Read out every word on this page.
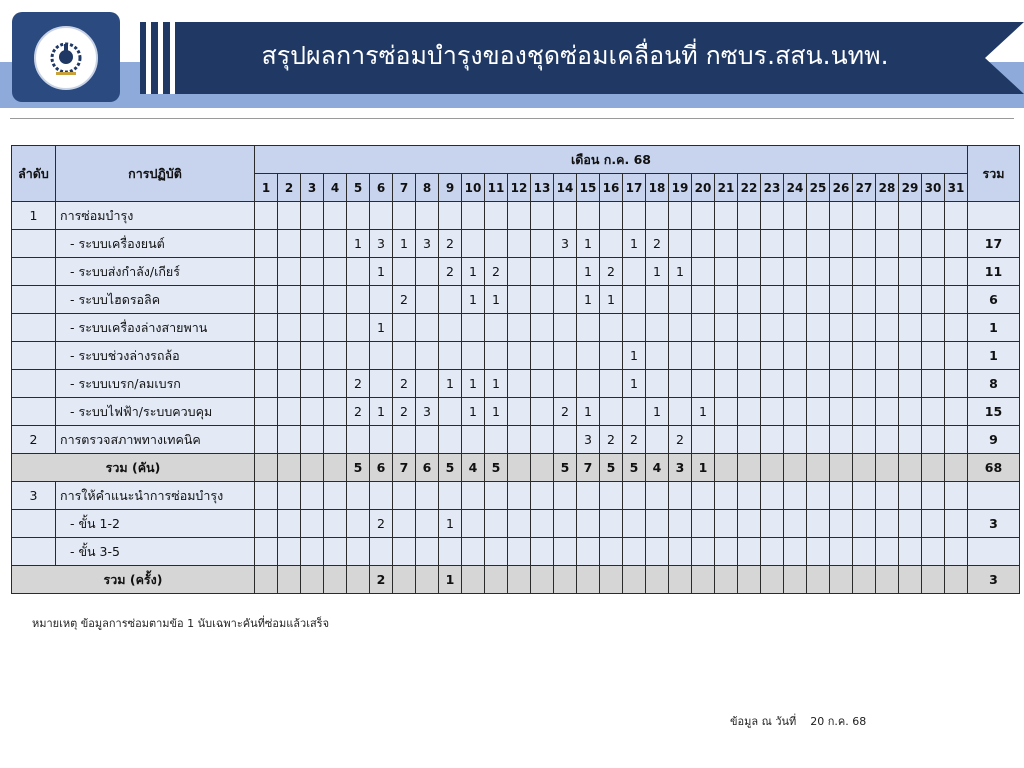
สรุปผลการซ่อมบำรุงของชุดซ่อมเคลื่อนที่ กซบร.สสน.นทพ.
ลำดับ	การปฏิบัติ	เดือน ก.ค. 68																															รวม
		1	2	3	4	5	6	7	8	9	10	11	12	13	14	15	16	17	18	19	20	21	22	23	24	25	26	27	28	29	30	31	
1	การซ่อมบำรุง																																
	- ระบบเครื่องยนต์					1	3	1	3	2					3	1		1	2														17
	- ระบบส่งกำลัง/เกียร์						1			2	1	2				1	2		1	1													11
	- ระบบไฮดรอลิค							2			1	1				1	1																6
	- ระบบเครื่องล่างสายพาน						1																										1
	- ระบบช่วงล่างรถล้อ																	1															1
	- ระบบเบรก/ลมเบรก					2		2		1	1	1						1															8
	- ระบบไฟฟ้า/ระบบควบคุม					2	1	2	3		1	1			2	1			1		1												15
2	การตรวจสภาพทางเทคนิค															3	2	2		2													9
รวม (คัน)						5	6	7	6	5	4	5			5	7	5	5	4	3	1												68
3	การให้คำแนะนำการซ่อมบำรุง																																
	- ขั้น 1-2						2			1																							3
	- ขั้น 3-5																																
รวม (ครั้ง)							2			1																							3
หมายเหตุ ข้อมูลการซ่อมตามข้อ 1 นับเฉพาะคันที่ซ่อมแล้วเสร็จ
ข้อมูล ณ วันที่ 20 ก.ค. 68
